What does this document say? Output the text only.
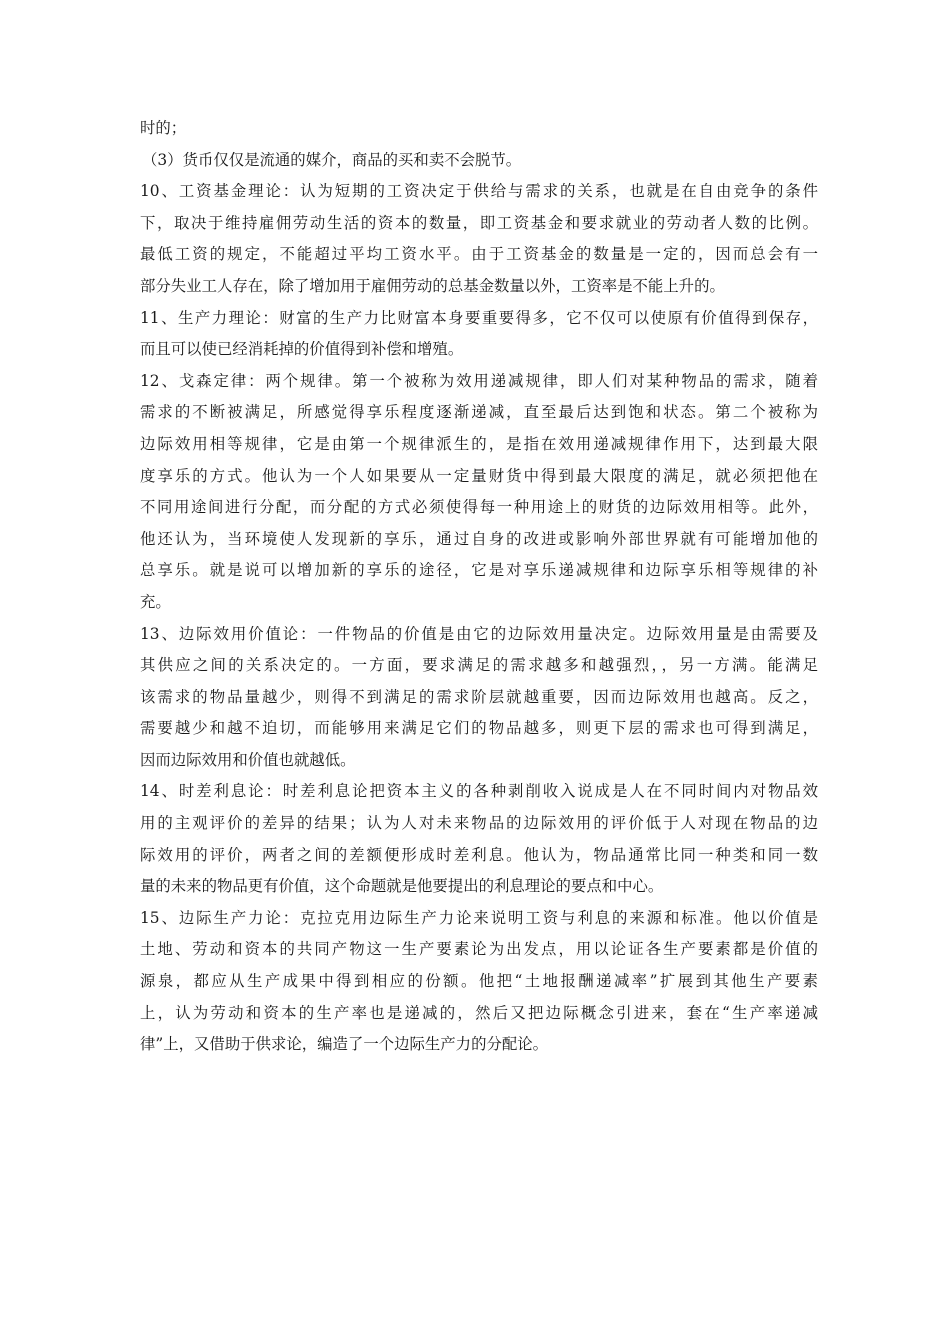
时的；
（3）货币仅仅是流通的媒介，商品的买和卖不会脱节。
10、工资基金理论：认为短期的工资决定于供给与需求的关系，也就是在自由竞争的条件
下，取决于维持雇佣劳动生活的资本的数量，即工资基金和要求就业的劳动者人数的比例。
最低工资的规定，不能超过平均工资水平。由于工资基金的数量是一定的，因而总会有一
部分失业工人存在，除了增加用于雇佣劳动的总基金数量以外，工资率是不能上升的。
11、生产力理论：财富的生产力比财富本身要重要得多，它不仅可以使原有价值得到保存，
而且可以使已经消耗掉的价值得到补偿和增殖。
12、戈森定律：两个规律。第一个被称为效用递减规律，即人们对某种物品的需求，随着
需求的不断被满足，所感觉得享乐程度逐渐递减，直至最后达到饱和状态。第二个被称为
边际效用相等规律，它是由第一个规律派生的，是指在效用递减规律作用下，达到最大限
度享乐的方式。他认为一个人如果要从一定量财货中得到最大限度的满足，就必须把他在
不同用途间进行分配，而分配的方式必须使得每一种用途上的财货的边际效用相等。此外，
他还认为，当环境使人发现新的享乐，通过自身的改进或影响外部世界就有可能增加他的
总享乐。就是说可以增加新的享乐的途径，它是对享乐递减规律和边际享乐相等规律的补
充。
13、边际效用价值论：一件物品的价值是由它的边际效用量决定。边际效用量是由需要及
其供应之间的关系决定的。一方面，要求满足的需求越多和越强烈，，另一方满。能满足
该需求的物品量越少，则得不到满足的需求阶层就越重要，因而边际效用也越高。反之，
需要越少和越不迫切，而能够用来满足它们的物品越多，则更下层的需求也可得到满足，
因而边际效用和价值也就越低。
14、时差利息论：时差利息论把资本主义的各种剥削收入说成是人在不同时间内对物品效
用的主观评价的差异的结果；认为人对未来物品的边际效用的评价低于人对现在物品的边
际效用的评价，两者之间的差额便形成时差利息。他认为，物品通常比同一种类和同一数
量的未来的物品更有价值，这个命题就是他要提出的利息理论的要点和中心。
15、边际生产力论：克拉克用边际生产力论来说明工资与利息的来源和标准。他以价值是
土地、劳动和资本的共同产物这一生产要素论为出发点，用以论证各生产要素都是价值的
源泉，都应从生产成果中得到相应的份额。他把“土地报酬递减率”扩展到其他生产要素
上，认为劳动和资本的生产率也是递减的，然后又把边际概念引进来，套在“生产率递减
律”上，又借助于供求论，编造了一个边际生产力的分配论。
